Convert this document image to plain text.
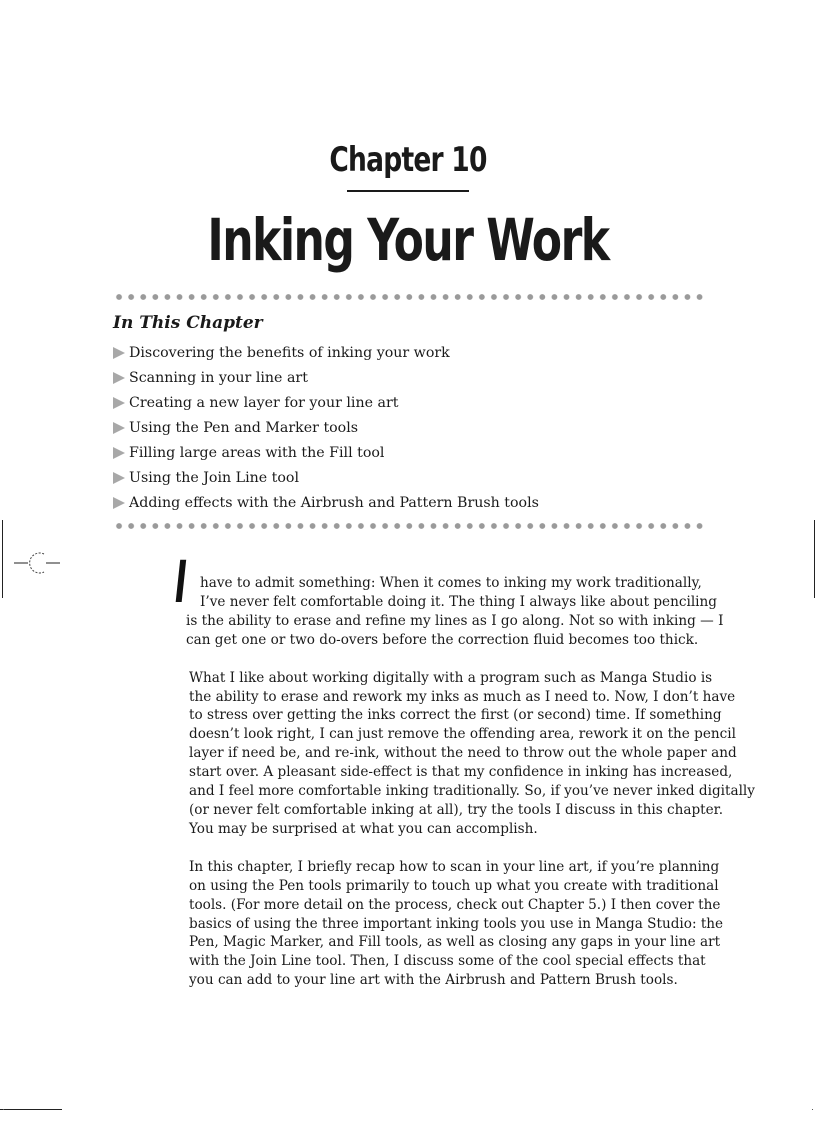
Chapter 10
Inking Your Work
In This Chapter
Discovering the benefits of inking your work
Scanning in your line art
Creating a new layer for your line art
Using the Pen and Marker tools
Filling large areas with the Fill tool
Using the Join Line tool
Adding effects with the Airbrush and Pattern Brush tools
I have to admit something: When it comes to inking my work traditionally,
I’ve never felt comfortable doing it. The thing I always like about penciling
is the ability to erase and refine my lines as I go along. Not so with inking — I
can get one or two do-overs before the correction fluid becomes too thick.

What I like about working digitally with a program such as Manga Studio is
the ability to erase and rework my inks as much as I need to. Now, I don’t have
to stress over getting the inks correct the first (or second) time. If something
doesn’t look right, I can just remove the offending area, rework it on the pencil
layer if need be, and re-ink, without the need to throw out the whole paper and
start over. A pleasant side-effect is that my confidence in inking has increased,
and I feel more comfortable inking traditionally. So, if you’ve never inked digitally
(or never felt comfortable inking at all), try the tools I discuss in this chapter.
You may be surprised at what you can accomplish.

In this chapter, I briefly recap how to scan in your line art, if you’re planning
on using the Pen tools primarily to touch up what you create with traditional
tools. (For more detail on the process, check out Chapter 5.) I then cover the
basics of using the three important inking tools you use in Manga Studio: the
Pen, Magic Marker, and Fill tools, as well as closing any gaps in your line art
with the Join Line tool. Then, I discuss some of the cool special effects that
you can add to your line art with the Airbrush and Pattern Brush tools.
